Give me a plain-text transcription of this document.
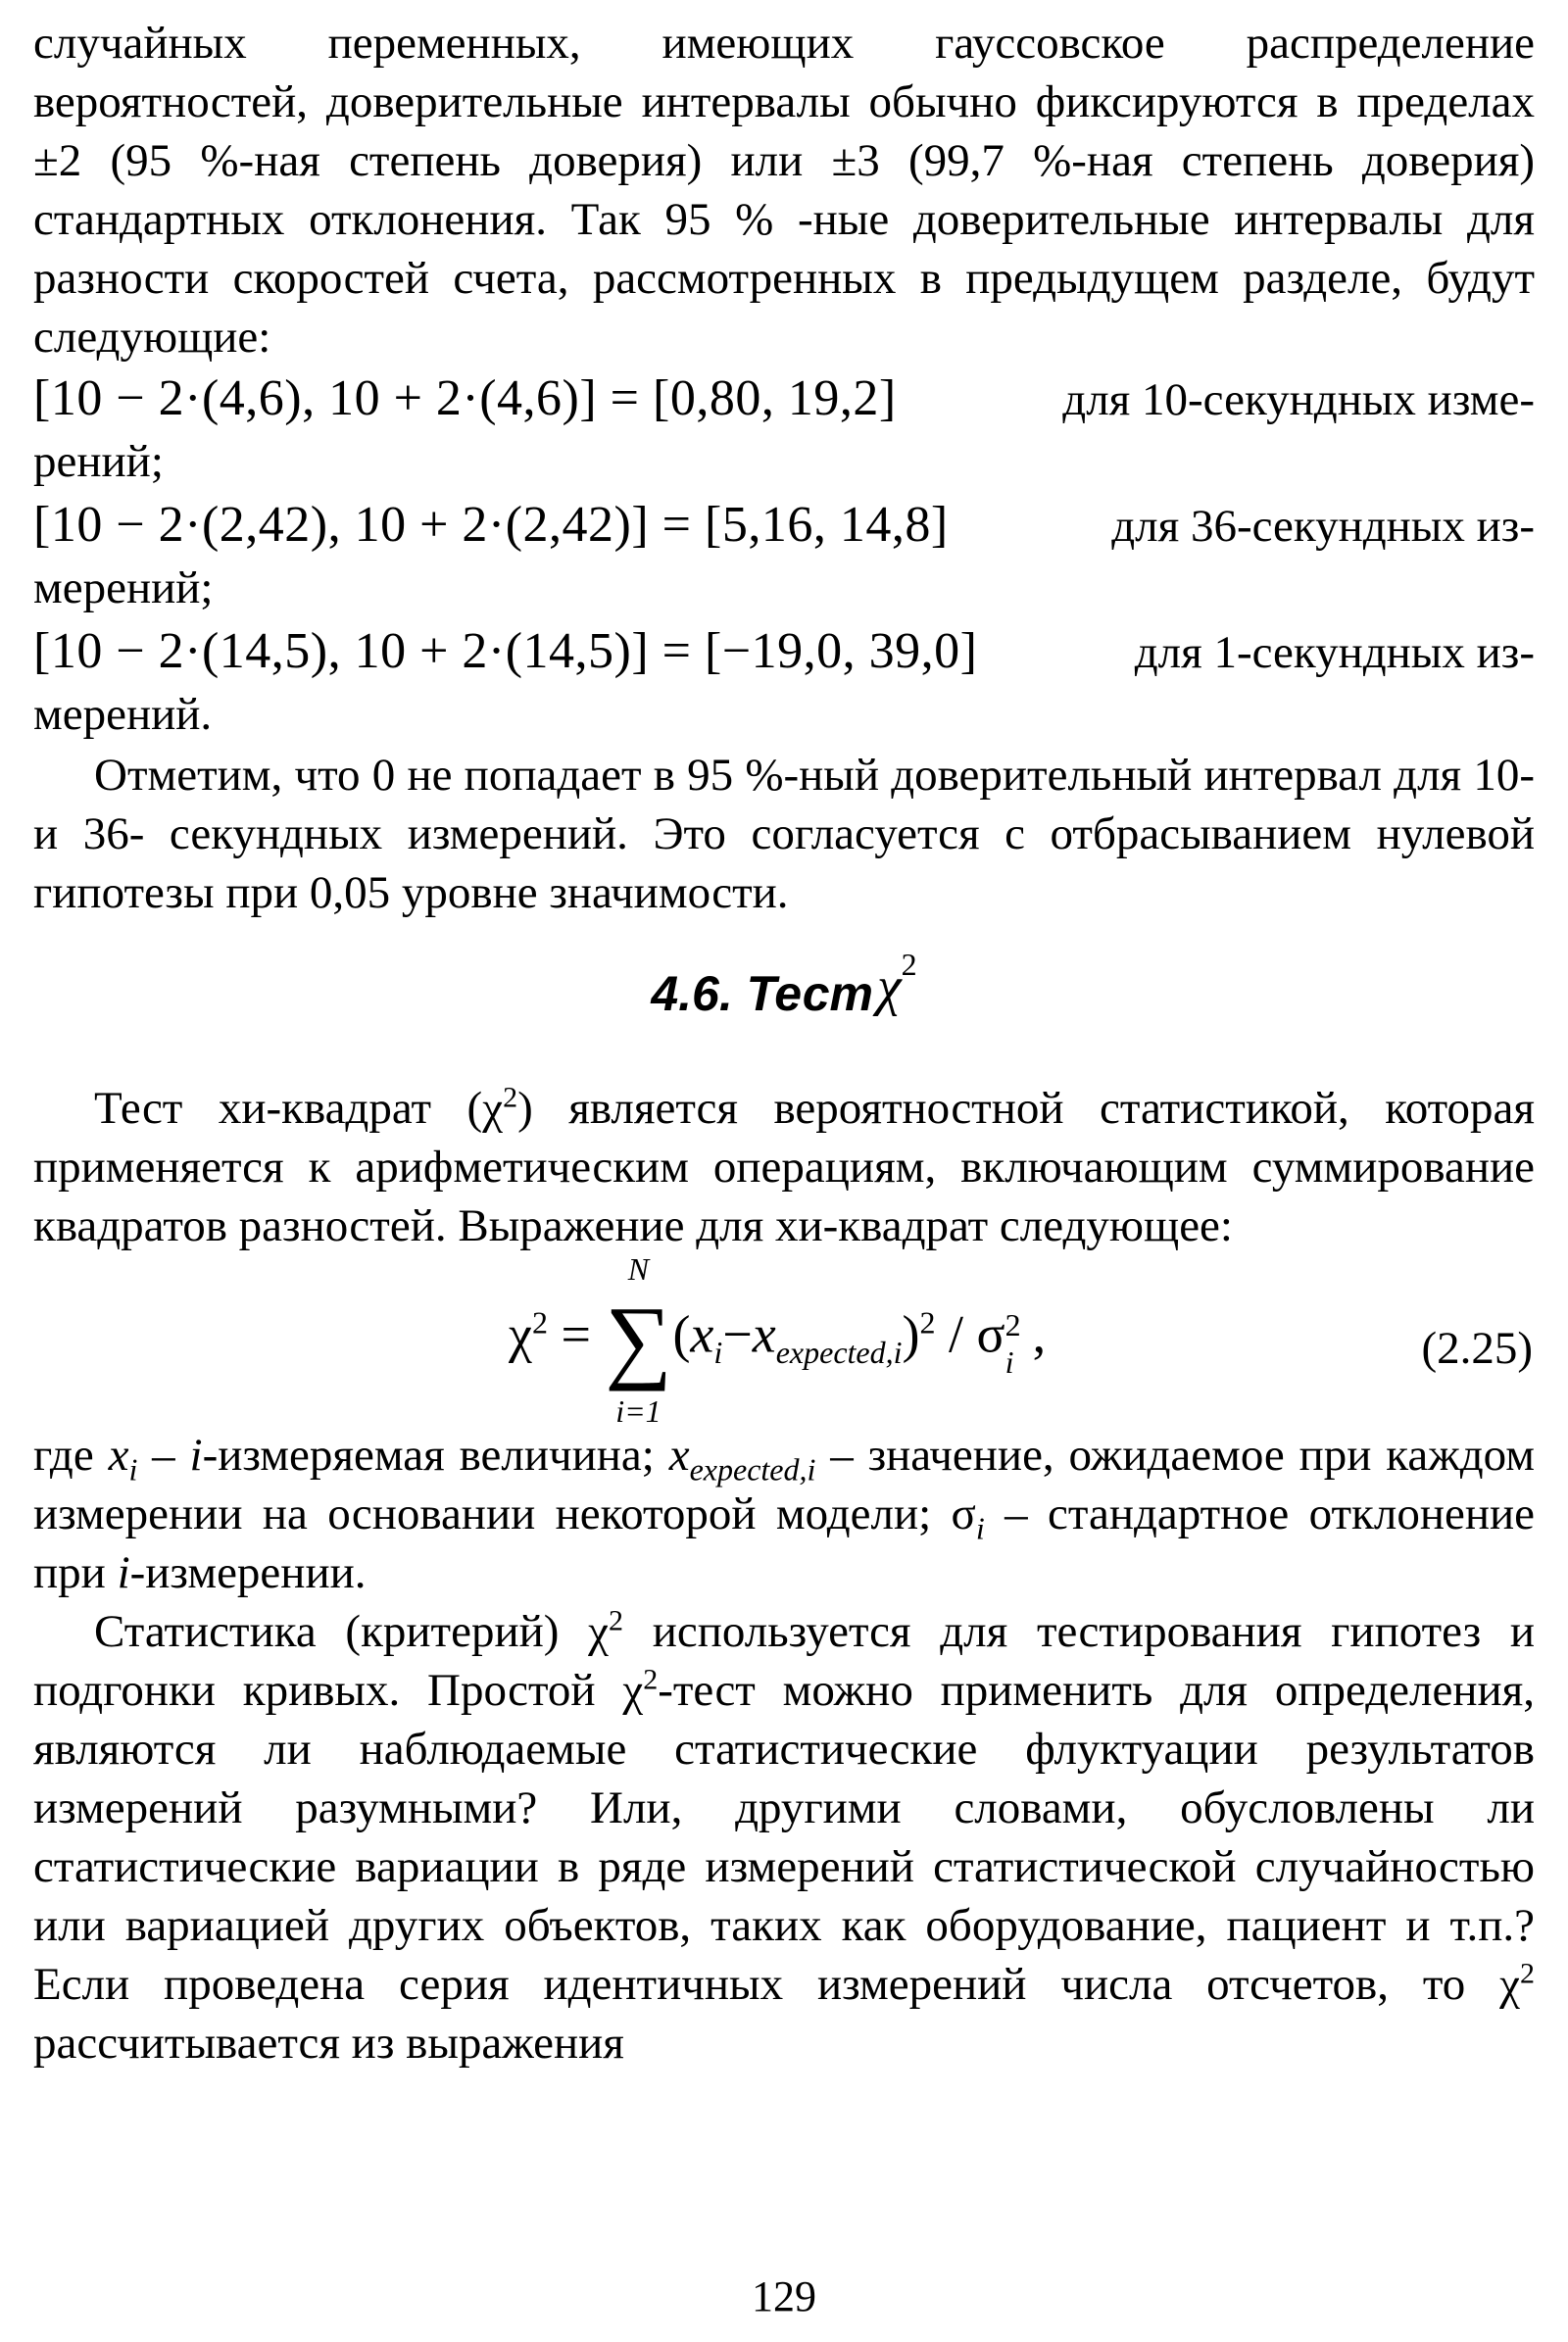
случайных переменных, имеющих гауссовское распределение вероятностей, доверительные интервалы обычно фиксируются в пределах ±2 (95 %-ная степень доверия) или ±3 (99,7 %-ная степень доверия) стандартных отклонения. Так 95 % -ные доверительные интервалы для разности скоростей счета, рассмотренных в предыдущем разделе, будут следующие:

[10 − 2·(4,6), 10 + 2·(4,6)] = [0,80, 19,2]	для 10-секундных изме-

рений;

[10 − 2·(2,42), 10 + 2·(2,42)] = [5,16, 14,8]	для 36-секундных из-

мерений;

[10 − 2·(14,5), 10 + 2·(14,5)] = [−19,0, 39,0]	для 1-секундных из-

мерений.

Отметим, что 0 не попадает в 95 %-ный доверительный интервал для 10- и 36- секундных измерений. Это согласуется с отбрасыванием нулевой гипотезы при 0,05 уровне значимости.

4.6. Тест $\chi^2$

Тест хи-квадрат $(\chi^2)$ является вероятностной статистикой, которая применяется к арифметическим операциям, включающим суммирование квадратов разностей. Выражение для хи-квадрат следующее:

$\chi^2$ =
N
∑
i=1
$(x_i-x_{expected,i})^2 / \sigma$ 2
i ,	(2.25)

где $x_i$ – i-измеряемая величина; $x_{expected,i}$ – значение, ожидаемое при каждом измерении на основании некоторой модели; $\sigma_i$ – стандартное отклонение при i-измерении.

Статистика (критерий) $\chi^2$ используется для тестирования гипотез и подгонки кривых. Простой $\chi^2$-тест можно применить для определения, являются ли наблюдаемые статистические флуктуации результатов измерений разумными? Или, другими словами, обусловлены ли статистические вариации в ряде измерений статистической случайностью или вариацией других объектов, таких как оборудование, пациент и т.п.? Если проведена серия идентичных измерений числа отсчетов, то $\chi^2$ рассчитывается из выражения

129
